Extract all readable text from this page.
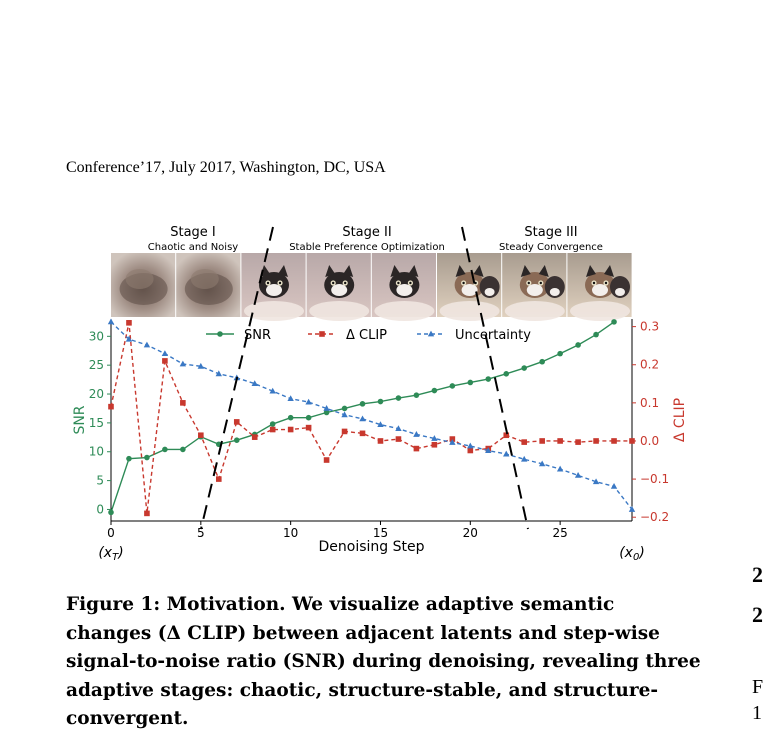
Conference’17, July 2017, Washington, DC, USA
Stage I
Chaotic and Noisy
Stage II
Stable Preference Optimization
Stage III
Steady Convergence
0	5	10	15	20	25
0
5
10
15
20
25
30
−0.2
−0.1
0.0
0.1
0.2
0.3
Denoising Step
SNR	Δ CLIP
$(x_T)$	$(x_0)$
SNR	Δ CLIP	Uncertainty
Figure 1: Motivation. We visualize adaptive semantic changes (Δ CLIP) between adjacent latents and step-wise signal-to-noise ratio (SNR) during denoising, revealing three adaptive stages: chaotic, structure-stable, and structure-convergent.
2
2
F
1
